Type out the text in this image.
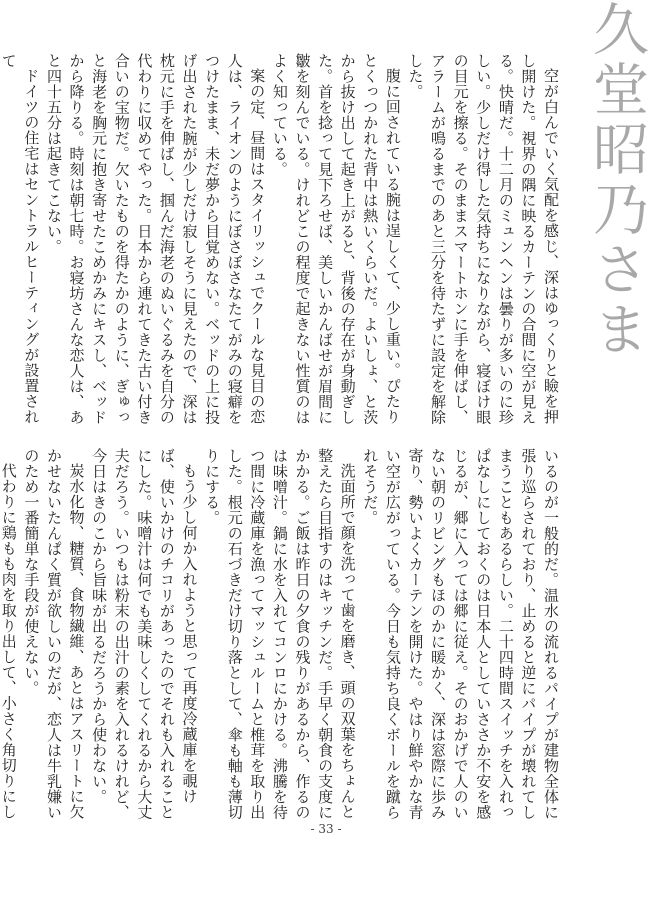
久堂昭乃さま

空が白んでいく気配を感じ、深はゆっくりと瞼を押し開けた。視界の隅に映るカーテンの合間に空が見える。快晴だ。十二月のミュンヘンは曇りが多いのに珍しい。少しだけ得した気持ちになりながら、寝ぼけ眼の目元を擦る。そのままスマートホンに手を伸ばし、アラームが鳴るまでのあと三分を待たずに設定を解除した。

腹に回されている腕は逞しくて、少し重い。ぴたりとくっつかれた背中は熱いくらいだ。よいしょ、と茨から抜け出して起き上がると、背後の存在が身動ぎした。首を捻って見下ろせば、美しいかんばせが眉間に皺を刻んでいる。けれどこの程度で起きない性質のはよく知っている。

案の定、昼間はスタイリッシュでクールな見目の恋人は、ライオンのようにぼさぼさなたてがみの寝癖をつけたまま、未だ夢から目覚めない。ベッドの上に投げ出された腕が少しだけ寂しそうに見えたので、深は枕元に手を伸ばし、掴んだ海老のぬいぐるみを自分の代わりに収めてやった。日本から連れてきた古い付き合いの宝物だ。欠いたものを得たかのように、ぎゅっと海老を胸元に抱き寄せたこめかみにキスし、ベッドから降りる。時刻は朝七時。お寝坊さんな恋人は、あと四十五分は起きてこない。

ドイツの住宅はセントラルヒーティングが設置されて

いるのが一般的だ。温水の流れるパイプが建物全体に張り巡らされており、止めると逆にパイプが壊れてしまうこともあるらしい。二十四時間スイッチを入れっぱなしにしておくのは日本人としていささか不安を感じるが、郷に入っては郷に従え。そのおかげで人のいない朝のリビングもほのかに暖かく、深は窓際に歩み寄り、勢いよくカーテンを開けた。やはり鮮やかな青い空が広がっている。今日も気持ち良くボールを蹴られそうだ。

洗面所で顔を洗って歯を磨き、頭の双葉をちょんと整えたら目指すのはキッチンだ。手早く朝食の支度にかかる。ご飯は昨日の夕食の残りがあるから、作るのは味噌汁。鍋に水を入れてコンロにかける。沸騰を待つ間に冷蔵庫を漁ってマッシュルームと椎茸を取り出した。根元の石づきだけ切り落として、傘も軸も薄切りにする。

もう少し何か入れようと思って再度冷蔵庫を覗けば、使いかけのチコリがあったのでそれも入れることにした。味噌汁は何でも美味しくしてくれるから大丈夫だろう。いつもは粉末の出汁の素を入れるけれど、今日はきのこから旨味が出るだろうから使わない。

炭水化物、糖質、食物繊維、あとはアスリートに欠かせないたんぱく質が欲しいのだが、恋人は牛乳嫌いのため一番簡単な手段が使えない。

代わりに鶏もも肉を取り出して、小さく角切りにし

- 33 -
